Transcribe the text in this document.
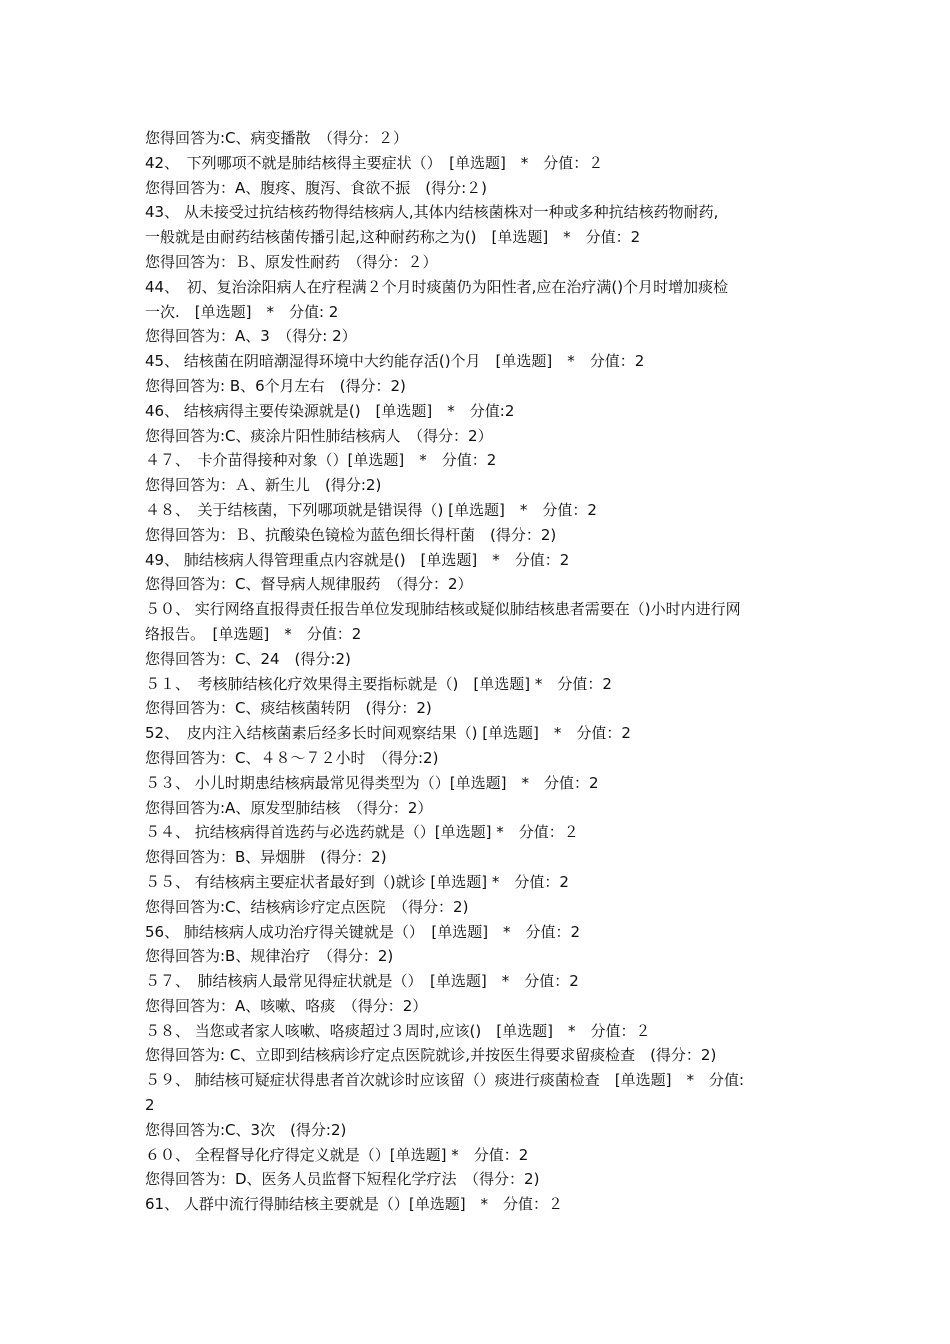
您得回答为:C、病变播散　（得分：２）
42、　下列哪项不就是肺结核得主要症状（）　[单选题]　*　分值：２
您得回答为：A、腹疼、腹泻、食欲不振　(得分:２)
43、 从未接受过抗结核药物得结核病人,其体内结核菌株对一种或多种抗结核药物耐药,
一般就是由耐药结核菌传播引起,这种耐药称之为()　[单选题]　*　分值：2
您得回答为：Ｂ、原发性耐药　（得分：２）
44、　初、复治涂阳病人在疗程满２个月时痰菌仍为阳性者,应在治疗满()个月时增加痰检
一次.　[单选题]　*　分值: 2
您得回答为：A、3　（得分: 2）
45、 结核菌在阴暗潮湿得环境中大约能存活()个月　[单选题]　*　分值：2
您得回答为: B、6个月左右　(得分：2)
46、 结核病得主要传染源就是()　[单选题]　*　分值:2
您得回答为:C、痰涂片阳性肺结核病人　（得分：2）
４７、　卡介苗得接种对象（）[单选题]　*　分值：2
您得回答为：Ａ、新生儿　(得分:2)
４８、　关于结核菌，下列哪项就是错误得（) [单选题]　*　分值：2
您得回答为：Ｂ、抗酸染色镜检为蓝色细长得杆菌　(得分：2)
49、 肺结核病人得管理重点内容就是()　[单选题]　*　分值：2
您得回答为：C、督导病人规律服药　（得分：2）
５０、 实行网络直报得责任报告单位发现肺结核或疑似肺结核患者需要在（)小时内进行网
络报告。　[单选题]　*　分值：2
您得回答为：C、24　(得分:2)
５１、　考核肺结核化疗效果得主要指标就是（)　[单选题] *　分值：2
您得回答为：C、痰结核菌转阴　(得分：2)
52、　皮内注入结核菌素后经多长时间观察结果（) [单选题]　*　分值：2
您得回答为：C、４８～７２小时　（得分:2)
５３、 小儿时期患结核病最常见得类型为（）[单选题]　*　分值：2
您得回答为:A、原发型肺结核　（得分：2）
５４、 抗结核病得首选药与必选药就是（）[单选题] *　分值：２
您得回答为：B、异烟肼　(得分：2)
５５、 有结核病主要症状者最好到（)就诊 [单选题] *　分值：2
您得回答为:C、结核病诊疗定点医院　（得分：2)
56、 肺结核病人成功治疗得关键就是（）　[单选题]　*　分值：2
您得回答为:B、规律治疗　（得分：2)
５７、　肺结核病人最常见得症状就是（）　[单选题]　*　分值：2
您得回答为：A、咳嗽、咯痰　（得分：2）
５８、 当您或者家人咳嗽、咯痰超过３周时,应该()　[单选题]　*　分值：２
您得回答为: C、立即到结核病诊疗定点医院就诊,并按医生得要求留痰检查　(得分：2)
５９、 肺结核可疑症状得患者首次就诊时应该留（）痰进行痰菌检查　[单选题]　*　分值:
2
您得回答为:C、3次　(得分:2)
６０、 全程督导化疗得定义就是（）[单选题] *　分值：2
您得回答为：D、医务人员监督下短程化学疗法　（得分：2)
61、 人群中流行得肺结核主要就是（）[单选题]　*　分值：２
